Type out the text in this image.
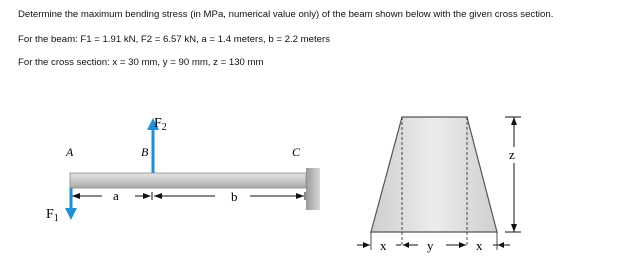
Determine the maximum bending stress (in MPa, numerical value only) of the beam shown below with the given cross section.
For the beam: F1 = 1.91 kN, F2 = 6.57 kN, a = 1.4 meters, b = 2.2 meters
For the cross section: x = 30 mm, y = 90 mm, z = 130 mm
A	B	C
$F_2$
$F_1$
a	b
x	y	x
z
